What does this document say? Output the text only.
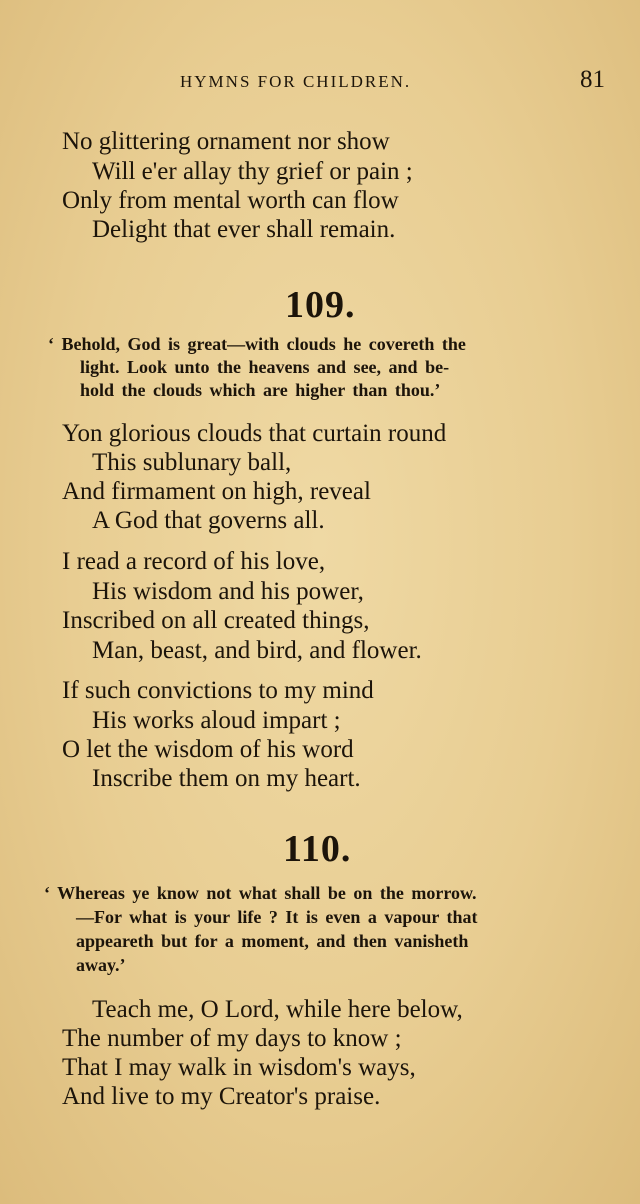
HYMNS FOR CHILDREN.	81
No glittering ornament nor show
Will e'er allay thy grief or pain ;
Only from mental worth can flow
Delight that ever shall remain.
109.
‘ Behold, God is great—with clouds he covereth the
light. Look unto the heavens and see, and be-
hold the clouds which are higher than thou.’
Yon glorious clouds that curtain round
This sublunary ball,
And firmament on high, reveal
A God that governs all.
I read a record of his love,
His wisdom and his power,
Inscribed on all created things,
Man, beast, and bird, and flower.
If such convictions to my mind
His works aloud impart ;
O let the wisdom of his word
Inscribe them on my heart.
110.
‘ Whereas ye know not what shall be on the morrow.
—For what is your life ? It is even a vapour that
appeareth but for a moment, and then vanisheth
away.’
Teach me, O Lord, while here below,
The number of my days to know ;
That I may walk in wisdom's ways,
And live to my Creator's praise.
